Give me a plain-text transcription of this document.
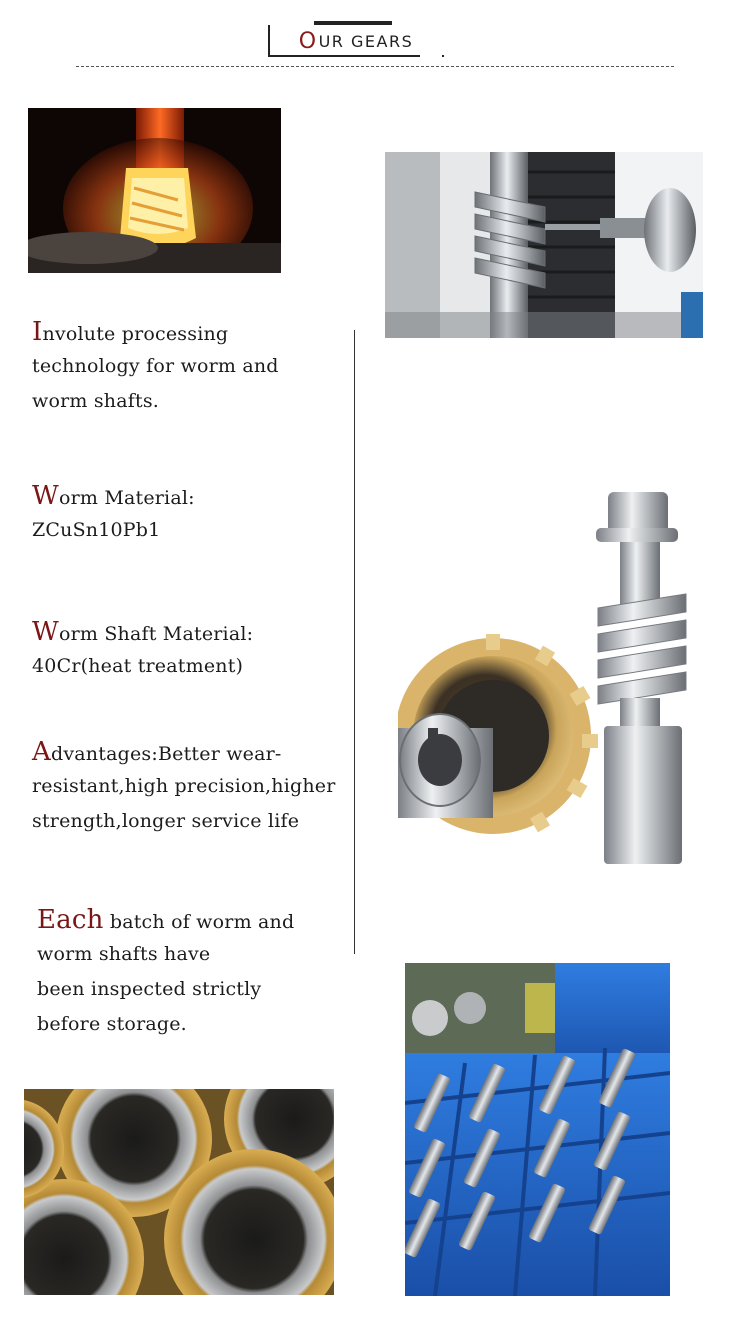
O UR GEARS
Involute processing
technology for worm and
worm shafts.
Worm Material:
ZCuSn10Pb1
Worm Shaft Material:
40Cr(heat treatment)
Advantages:Better wear-
resistant,high precision,higher
strength,longer service life
Each batch of worm and
worm shafts have
been inspected strictly
before storage.
